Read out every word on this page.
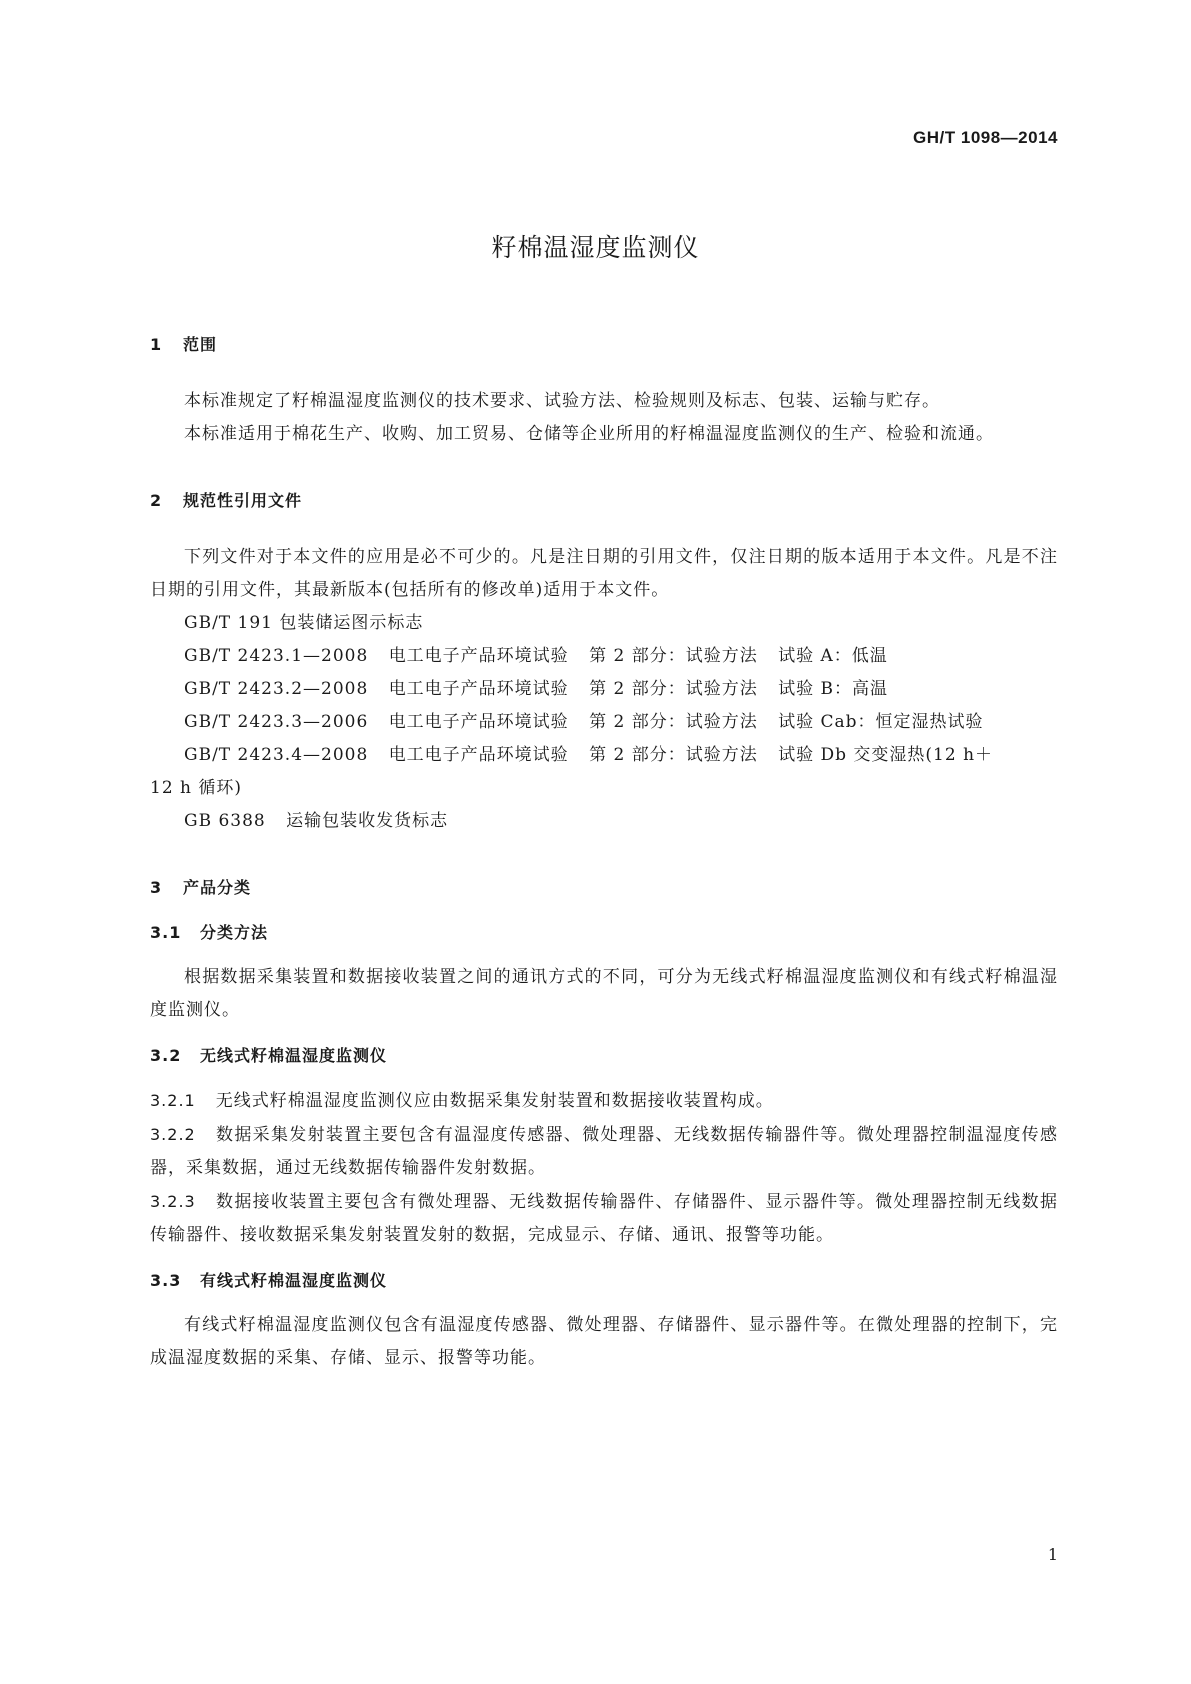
GH/T 1098—2014
籽棉温湿度监测仪
1	范围

本标准规定了籽棉温湿度监测仪的技术要求、试验方法、检验规则及标志、包装、运输与贮存。

本标准适用于棉花生产、收购、加工贸易、仓储等企业所用的籽棉温湿度监测仪的生产、检验和流通。

2	规范性引用文件

下列文件对于本文件的应用是必不可少的。凡是注日期的引用文件，仅注日期的版本适用于本文件。凡是不注日期的引用文件，其最新版本(包括所有的修改单)适用于本文件。

GB/T 191 包装储运图示标志

GB/T 2423.1—2008 电工电子产品环境试验 第 2 部分：试验方法 试验 A：低温

GB/T 2423.2—2008 电工电子产品环境试验 第 2 部分：试验方法 试验 B：高温

GB/T 2423.3—2006 电工电子产品环境试验 第 2 部分：试验方法 试验 Cab：恒定湿热试验

GB/T 2423.4—2008 电工电子产品环境试验 第 2 部分：试验方法 试验 Db 交变湿热(12 h＋
12 h 循环)

GB 6388 运输包装收发货标志

3	产品分类
3.1	分类方法

根据数据采集装置和数据接收装置之间的通讯方式的不同，可分为无线式籽棉温湿度监测仪和有线式籽棉温湿度监测仪。

3.2	无线式籽棉温湿度监测仪

3.2.1 无线式籽棉温湿度监测仪应由数据采集发射装置和数据接收装置构成。

3.2.2 数据采集发射装置主要包含有温湿度传感器、微处理器、无线数据传输器件等。微处理器控制温湿度传感器，采集数据，通过无线数据传输器件发射数据。

3.2.3 数据接收装置主要包含有微处理器、无线数据传输器件、存储器件、显示器件等。微处理器控制无线数据传输器件、接收数据采集发射装置发射的数据，完成显示、存储、通讯、报警等功能。

3.3	有线式籽棉温湿度监测仪

有线式籽棉温湿度监测仪包含有温湿度传感器、微处理器、存储器件、显示器件等。在微处理器的控制下，完成温湿度数据的采集、存储、显示、报警等功能。

1
